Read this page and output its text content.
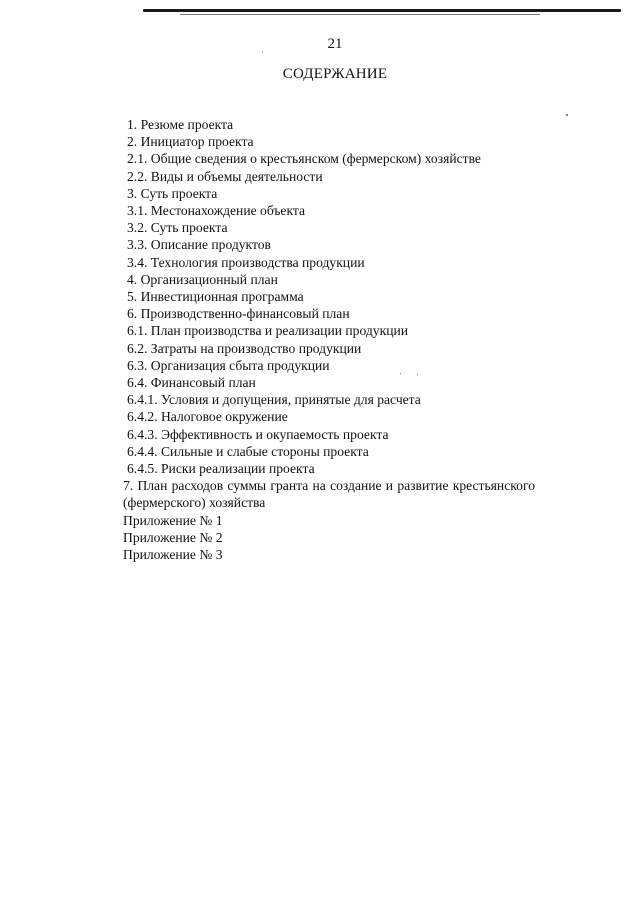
21
СОДЕРЖАНИЕ
1. Резюме проекта
2. Инициатор проекта
2.1. Общие сведения о крестьянском (фермерском) хозяйстве
2.2. Виды и объемы деятельности
3. Суть проекта
3.1. Местонахождение объекта
3.2. Суть проекта
3.3. Описание продуктов
3.4. Технология производства продукции
4. Организационный план
5. Инвестиционная программа
6. Производственно-финансовый план
6.1. План производства и реализации продукции
6.2. Затраты на производство продукции
6.3. Организация сбыта продукции
6.4. Финансовый план
6.4.1. Условия и допущения, принятые для расчета
6.4.2. Налоговое окружение
6.4.3. Эффективность и окупаемость проекта
6.4.4. Сильные и слабые стороны проекта
6.4.5. Риски реализации проекта
7. План расходов суммы гранта на создание и развитие крестьянского (фермерского) хозяйства
Приложение № 1
Приложение № 2
Приложение № 3
